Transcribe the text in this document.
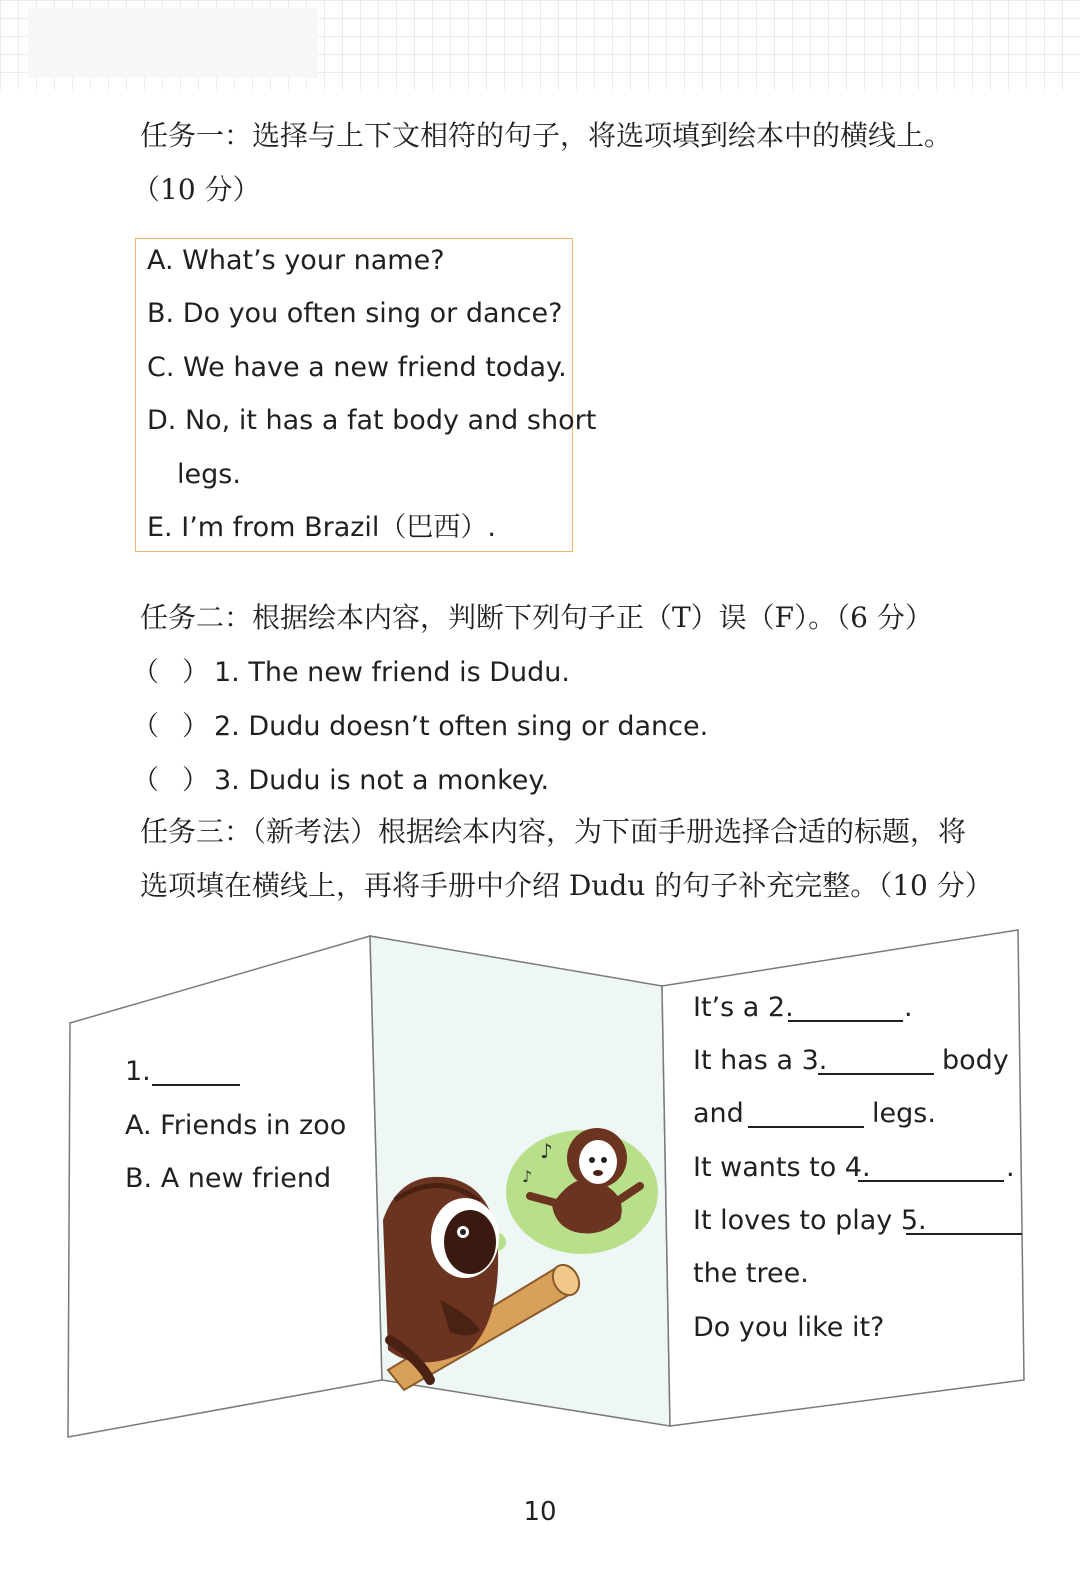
任务一：选择与上下文相符的句子，将选项填到绘本中的横线上。
（10 分）
A. What’s your name?
B. Do you often sing or dance?
C. We have a new friend today.
D. No, it has a fat body and short
legs.
E. I’m from Brazil（巴西）.
任务二：根据绘本内容，判断下列句子正（T）误（F）。（6 分）
（ ） 1. The new friend is Dudu.
（ ） 2. Dudu doesn’t often sing or dance.
（ ） 3. Dudu is not a monkey.
任务三：（新考法）根据绘本内容，为下面手册选择合适的标题，将
选项填在横线上，再将手册中介绍 Dudu 的句子补充完整。（10 分）
♪
♪
1.
A. Friends in zoo
B. A new friend
It’s a 2.	.
It has a 3.	body
and	legs.
It wants to 4.	.
It loves to play 5.
the tree.
Do you like it?
10
